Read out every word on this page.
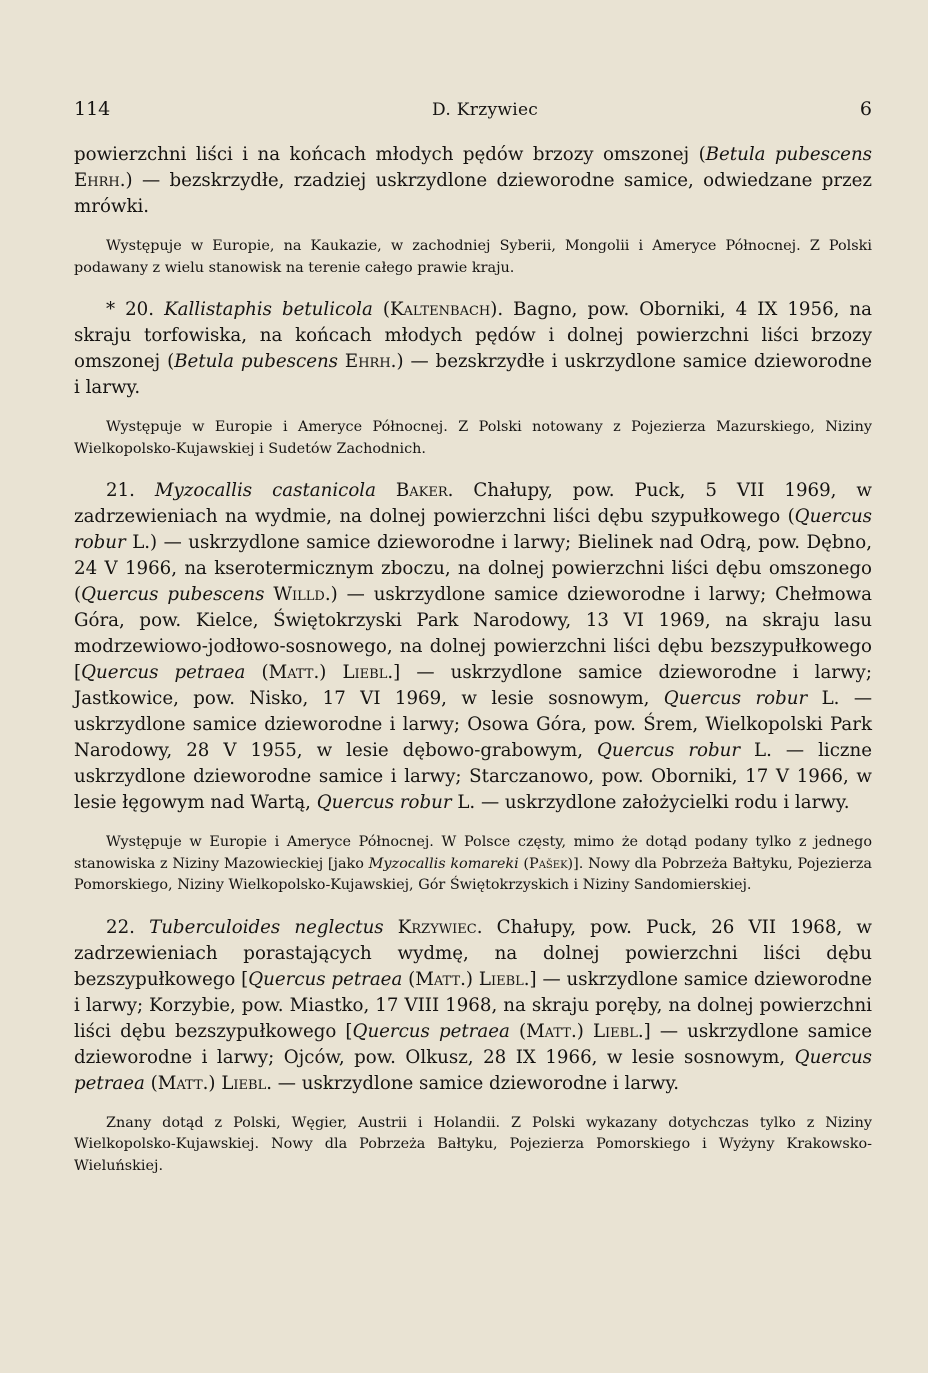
114	D. Krzywiec	6

powierzchni liści i na końcach młodych pędów brzozy omszonej (Betula pubescens Ehrh.) — bezskrzydłe, rzadziej uskrzydlone dzieworodne samice, odwiedzane przez mrówki.

Występuje w Europie, na Kaukazie, w zachodniej Syberii, Mongolii i Ameryce Północnej. Z Polski podawany z wielu stanowisk na terenie całego prawie kraju.

* 20. Kallistaphis betulicola (Kaltenbach). Bagno, pow. Oborniki, 4 IX 1956, na skraju torfowiska, na końcach młodych pędów i dolnej powierzchni liści brzozy omszonej (Betula pubescens Ehrh.) — bezskrzydłe i uskrzydlone samice dzieworodne i larwy.

Występuje w Europie i Ameryce Północnej. Z Polski notowany z Pojezierza Mazurskiego, Niziny Wielkopolsko-Kujawskiej i Sudetów Zachodnich.

21. Myzocallis castanicola Baker. Chałupy, pow. Puck, 5 VII 1969, w zadrzewieniach na wydmie, na dolnej powierzchni liści dębu szypułkowego (Quercus robur L.) — uskrzydlone samice dzieworodne i larwy; Bielinek nad Odrą, pow. Dębno, 24 V 1966, na kserotermicznym zboczu, na dolnej powierzchni liści dębu omszonego (Quercus pubescens Willd.) — uskrzydlone samice dzieworodne i larwy; Chełmowa Góra, pow. Kielce, Świętokrzyski Park Narodowy, 13 VI 1969, na skraju lasu modrzewiowo-jodłowo-sosnowego, na dolnej powierzchni liści dębu bezszypułkowego [Quercus petraea (Matt.) Liebl.] — uskrzydlone samice dzieworodne i larwy; Jastkowice, pow. Nisko, 17 VI 1969, w lesie sosnowym, Quercus robur L. — uskrzydlone samice dzieworodne i larwy; Osowa Góra, pow. Śrem, Wielkopolski Park Narodowy, 28 V 1955, w lesie dębowo-grabowym, Quercus robur L. — liczne uskrzydlone dzieworodne samice i larwy; Starczanowo, pow. Oborniki, 17 V 1966, w lesie łęgowym nad Wartą, Quercus robur L. — uskrzydlone założycielki rodu i larwy.

Występuje w Europie i Ameryce Północnej. W Polsce częsty, mimo że dotąd podany tylko z jednego stanowiska z Niziny Mazowieckiej [jako Myzocallis komareki (Pašek)]. Nowy dla Pobrzeża Bałtyku, Pojezierza Pomorskiego, Niziny Wielkopolsko-Kujawskiej, Gór Świętokrzyskich i Niziny Sandomierskiej.

22. Tuberculoides neglectus Krzywiec. Chałupy, pow. Puck, 26 VII 1968, w zadrzewieniach porastających wydmę, na dolnej powierzchni liści dębu bezszypułkowego [Quercus petraea (Matt.) Liebl.] — uskrzydlone samice dzieworodne i larwy; Korzybie, pow. Miastko, 17 VIII 1968, na skraju poręby, na dolnej powierzchni liści dębu bezszypułkowego [Quercus petraea (Matt.) Liebl.] — uskrzydlone samice dzieworodne i larwy; Ojców, pow. Olkusz, 28 IX 1966, w lesie sosnowym, Quercus petraea (Matt.) Liebl. — uskrzydlone samice dzieworodne i larwy.

Znany dotąd z Polski, Węgier, Austrii i Holandii. Z Polski wykazany dotychczas tylko z Niziny Wielkopolsko-Kujawskiej. Nowy dla Pobrzeża Bałtyku, Pojezierza Pomorskiego i Wyżyny Krakowsko-Wieluńskiej.
